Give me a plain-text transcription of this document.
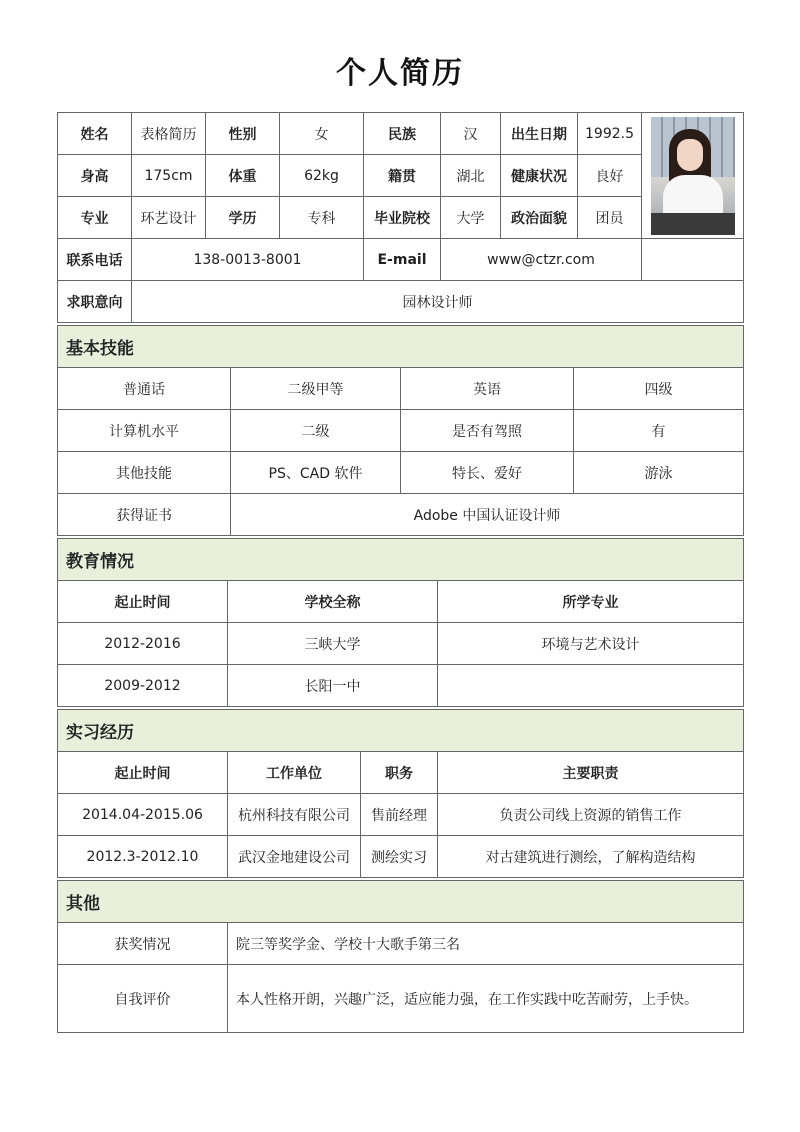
个人简历
姓名	表格简历	性别	女	民族	汉	出生日期	1992.5	

身高	175cm	体重	62kg	籍贯	湖北	健康状况	良好	
专业	环艺设计	学历	专科	毕业院校	大学	政治面貌	团员	
联系电话	138-0013-8001			E-mail	www@ctzr.com			
求职意向	园林设计师							
基本技能			
普通话	二级甲等	英语	四级
计算机水平	二级	是否有驾照	有
其他技能	PS、CAD 软件	特长、爱好	游泳
获得证书	Adobe 中国认证设计师		
教育情况		
起止时间	学校全称	所学专业
2012-2016	三峡大学	环境与艺术设计
2009-2012	长阳一中	
实习经历			
起止时间	工作单位	职务	主要职责
2014.04-2015.06	杭州科技有限公司	售前经理	负责公司线上资源的销售工作
2012.3-2012.10	武汉金地建设公司	测绘实习	对古建筑进行测绘，了解构造结构
其他	
获奖情况	院三等奖学金、学校十大歌手第三名
自我评价	本人性格开朗，兴趣广泛，适应能力强，在工作实践中吃苦耐劳，上手快。
